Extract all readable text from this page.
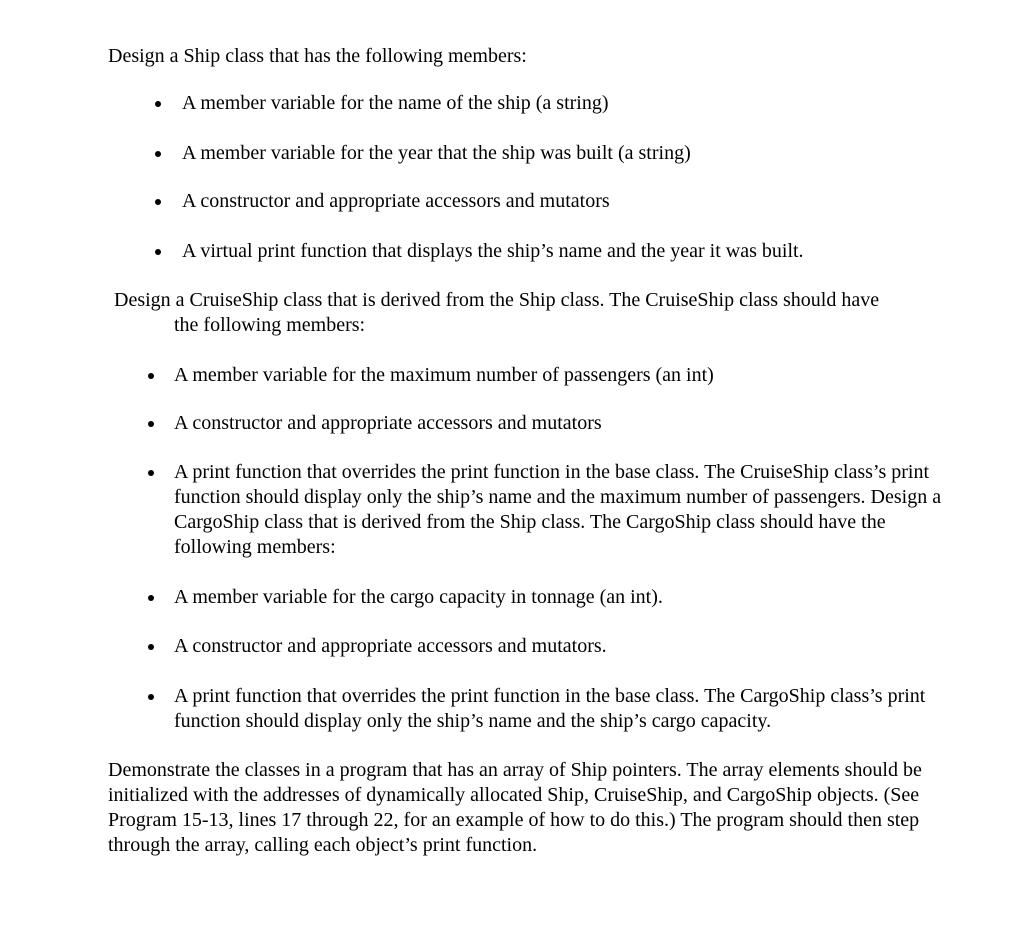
Design a Ship class that has the following members:

A member variable for the name of the ship (a string)
A member variable for the year that the ship was built (a string)
A constructor and appropriate accessors and mutators
A virtual print function that displays the ship’s name and the year it was built.

Design a CruiseShip class that is derived from the Ship class. The CruiseShip class should have
the following members:

A member variable for the maximum number of passengers (an int)
A constructor and appropriate accessors and mutators
A print function that overrides the print function in the base class. The CruiseShip class’s print function should display only the ship’s name and the maximum number of passengers. Design a CargoShip class that is derived from the Ship class. The CargoShip class should have the following members:
A member variable for the cargo capacity in tonnage (an int).
A constructor and appropriate accessors and mutators.
A print function that overrides the print function in the base class. The CargoShip class’s print function should display only the ship’s name and the ship’s cargo capacity.

Demonstrate the classes in a program that has an array of Ship pointers. The array elements should be initialized with the addresses of dynamically allocated Ship, CruiseShip, and CargoShip objects. (See Program 15-13, lines 17 through 22, for an example of how to do this.) The program should then step through the array, calling each object’s print function.
